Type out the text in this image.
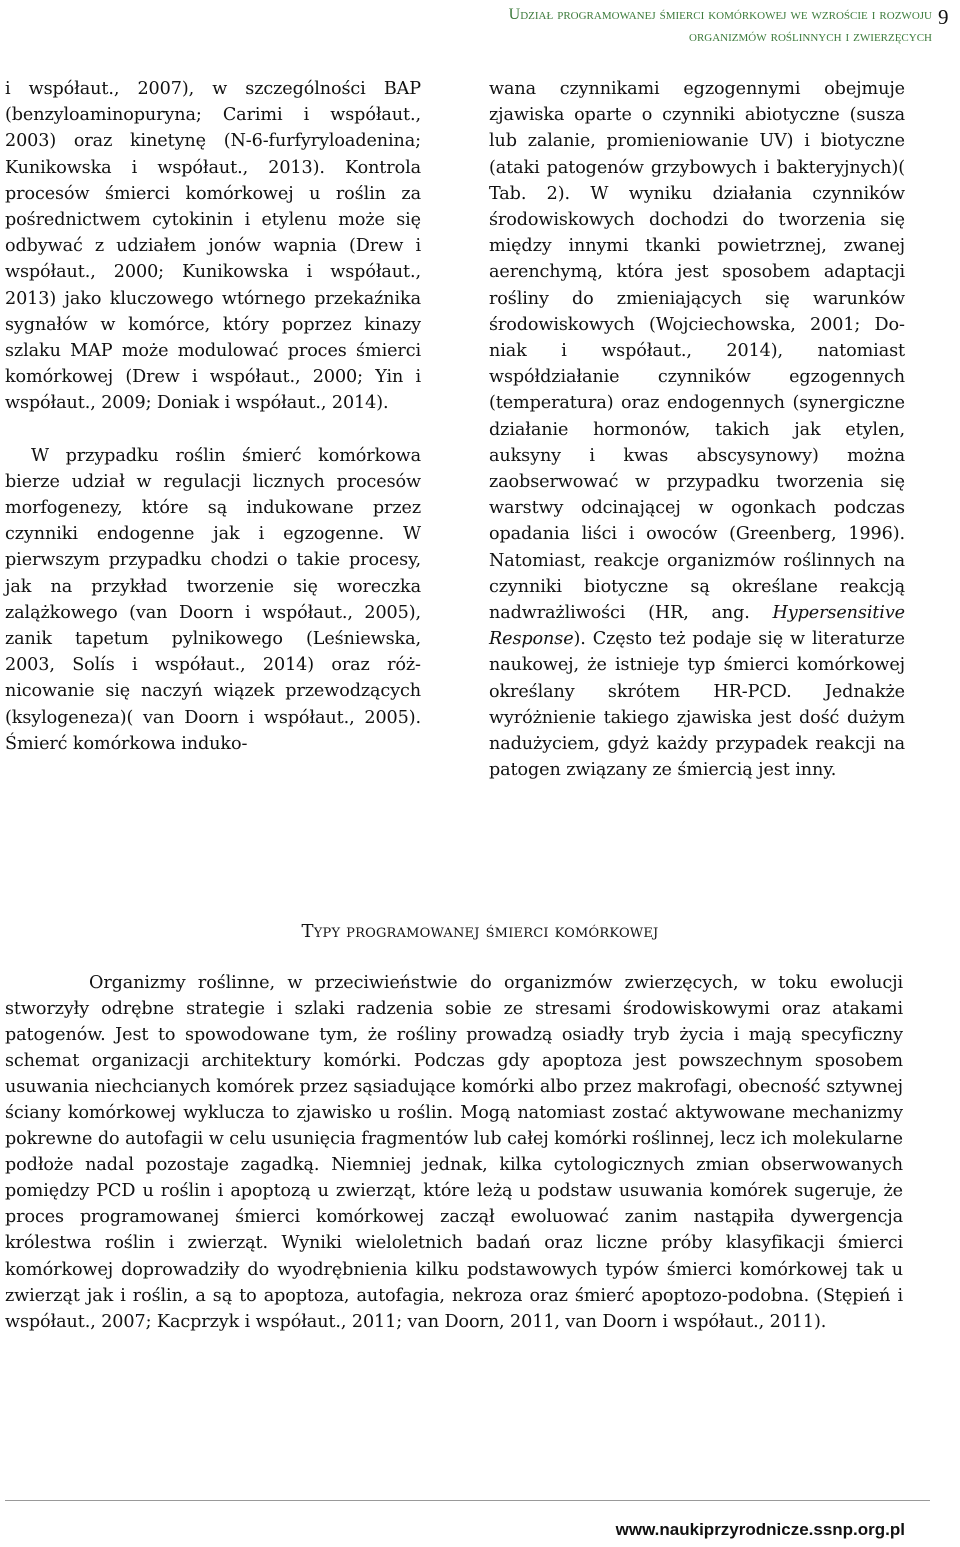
Udział programowanej śmierci komórkowej we wzroście i rozwoju
organizmów roślinnych i zwierzęcych
9

i współaut., 2007), w szczególności BAP (benzyloaminopuryna; Carimi i współaut., 2003) oraz kinetynę (N-6-furfyryloadenina; Kunikowska i współaut., 2013). Kontrola procesów śmierci komórkowej u roślin za pośrednictwem cytokinin i etylenu może się odbywać z udziałem jonów wapnia (Drew i współaut., 2000; Kunikowska i współaut., 2013) jako kluczowego wtórnego przekaźnika sygnałów w komórce, który poprzez kinazy szlaku MAP może modulować proces śmierci komórkowej (Drew i współaut., 2000; Yin i współaut., 2009; Doniak i współaut., 2014).

W przypadku roślin śmierć komórkowa bierze udział w regulacji licznych procesów morfogenezy, które są indukowane przez czynniki endogenne jak i egzogenne. W pierwszym przypadku chodzi o takie procesy, jak na przykład tworzenie się woreczka zalążkowego (van Doorn i współaut., 2005), zanik tapetum pylnikowego (Leśniewska, 2003, Solís i współaut., 2014) oraz różnicowanie się naczyń wiązek przewodzących (ksylogeneza)( van Doorn i współaut., 2005). Śmierć komórkowa induko-

wana czynnikami egzogennymi obejmuje zjawiska oparte o czynniki abiotyczne (susza lub zalanie, promieniowanie UV) i biotyczne (ataki patogenów grzybowych i bakteryjnych)( Tab. 2). W wyniku działania czynników środowiskowych dochodzi do tworzenia się między innymi tkanki powietrznej, zwanej aerenchymą, która jest sposobem adaptacji rośliny do zmieniających się warunków środowiskowych (Wojciechowska, 2001; Doniak i współaut., 2014), natomiast współdziałanie czynników egzogennych (temperatura) oraz endogennych (synergiczne działanie hormonów, takich jak etylen, auksyny i kwas abscysynowy) można zaobserwować w przypadku tworzenia się warstwy odcinającej w ogonkach podczas opadania liści i owoców (Greenberg, 1996). Natomiast, reakcje organizmów roślinnych na czynniki biotyczne są określane reakcją nadwrażliwości (HR, ang. Hypersensitive Response). Często też podaje się w literaturze naukowej, że istnieje typ śmierci komórkowej określany skrótem HR-PCD. Jednakże wyróżnienie takiego zjawiska jest dość dużym nadużyciem, gdyż każdy przypadek reakcji na patogen związany ze śmiercią jest inny.

Typy programowanej śmierci komórkowej

Organizmy roślinne, w przeciwieństwie do organizmów zwierzęcych, w toku ewolucji stworzyły odrębne strategie i szlaki radzenia sobie ze stresami środowiskowymi oraz atakami patogenów. Jest to spowodowane tym, że rośliny prowadzą osiadły tryb życia i mają specyficzny schemat organizacji architektury komórki. Podczas gdy apoptoza jest powszechnym sposobem usuwania niechcianych komórek przez sąsiadujące komórki albo przez makrofagi, obecność sztywnej ściany komórkowej wyklucza to zjawisko u roślin. Mogą natomiast zostać aktywowane mechanizmy pokrewne do autofagii w celu usunięcia fragmentów lub całej komórki roślinnej, lecz ich molekularne podłoże nadal pozostaje zagadką. Niemniej jednak, kilka cytologicznych zmian obserwowanych pomiędzy PCD u roślin i apoptozą u zwierząt, które leżą u podstaw usuwania komórek sugeruje, że proces programowanej śmierci komórkowej zaczął ewoluować zanim nastąpiła dywergencja królestwa roślin i zwierząt. Wyniki wieloletnich badań oraz liczne próby klasyfikacji śmierci komórkowej doprowadziły do wyodrębnienia kilku podstawowych typów śmierci komórkowej tak u zwierząt jak i roślin, a są to apoptoza, autofagia, nekroza oraz śmierć apoptozo-podobna. (Stępień i współaut., 2007; Kacprzyk i współaut., 2011; van Doorn, 2011, van Doorn i współaut., 2011).

www.naukiprzyrodnicze.ssnp.org.pl
